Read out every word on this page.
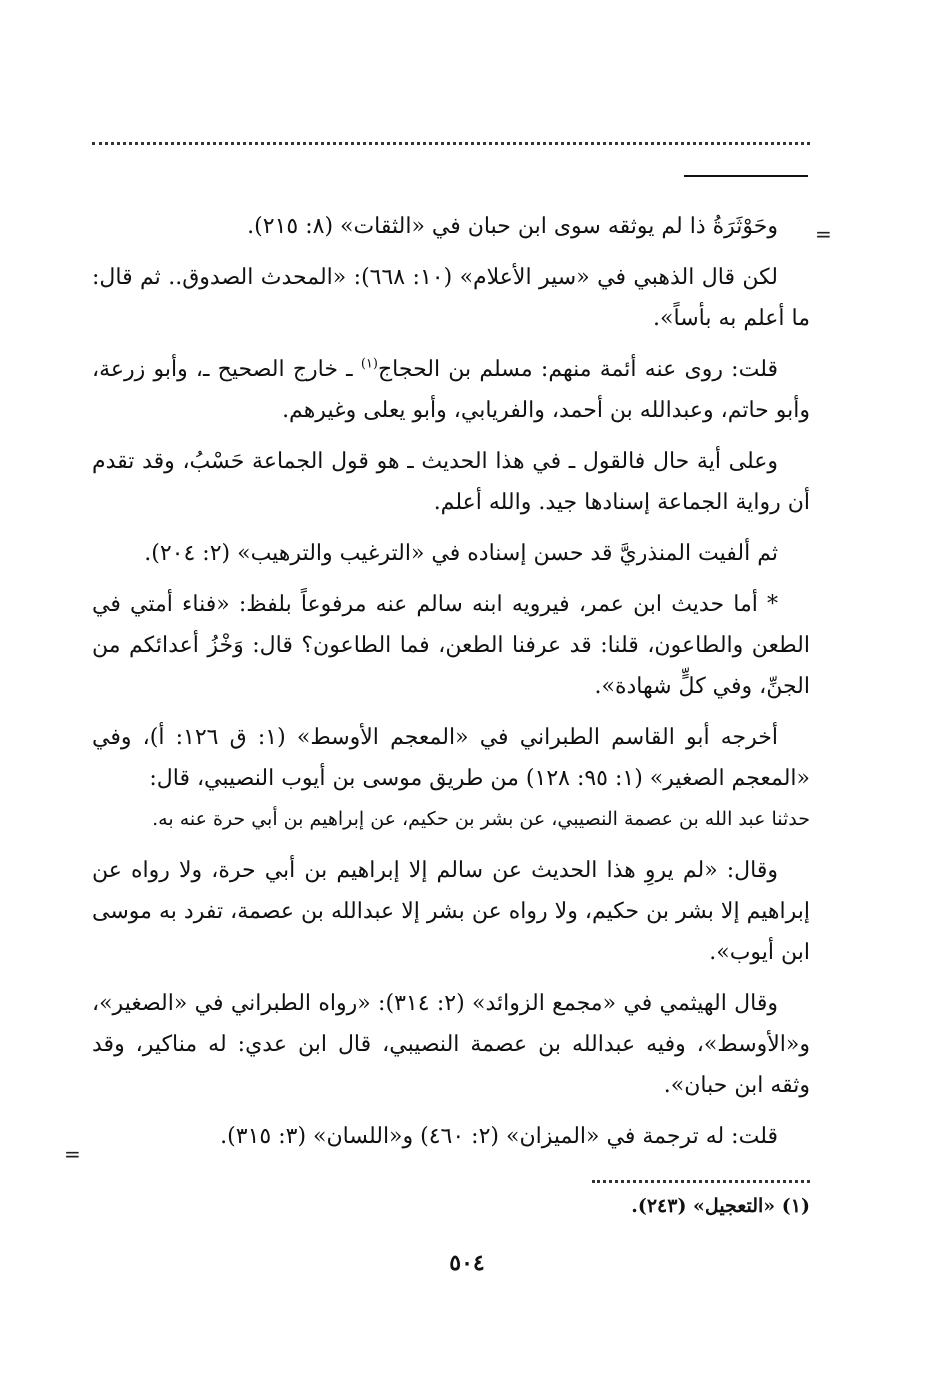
=

وحَوْثَرَةُ ذا لم يوثقه سوى ابن حبان في «الثقات» (٨: ٢١٥).

لكن قال الذهبي في «سير الأعلام» (١٠: ٦٦٨): «المحدث الصدوق.. ثم قال: ما أعلم به بأساً».

قلت: روى عنه أئمة منهم: مسلم بن الحجاج$^{(١)}$ ـ خارج الصحيح ـ، وأبو زرعة، وأبو حاتم، وعبدالله بن أحمد، والفريابي، وأبو يعلى وغيرهم.

وعلى أية حال فالقول ـ في هذا الحديث ـ هو قول الجماعة حَسْبُ، وقد تقدم أن رواية الجماعة إسنادها جيد. والله أعلم.

ثم ألفيت المنذريَّ قد حسن إسناده في «الترغيب والترهيب» (٢: ٢٠٤).

* أما حديث ابن عمر، فيرويه ابنه سالم عنه مرفوعاً بلفظ: «فناء أمتي في الطعن والطاعون، قلنا: قد عرفنا الطعن، فما الطاعون؟ قال: وَخْزُ أعدائكم من الجنِّ، وفي كلٍّ شهادة».

أخرجه أبو القاسم الطبراني في «المعجم الأوسط» (١: ق ١٢٦: أ)، وفي «المعجم الصغير» (١: ٩٥: ١٢٨) من طريق موسى بن أيوب النصيبي، قال:

حدثنا عبد الله بن عصمة النصيبي، عن بشر بن حكيم، عن إبراهيم بن أبي حرة عنه به.

وقال: «لم يروِ هذا الحديث عن سالم إلا إبراهيم بن أبي حرة، ولا رواه عن إبراهيم إلا بشر بن حكيم، ولا رواه عن بشر إلا عبدالله بن عصمة، تفرد به موسى ابن أيوب».

وقال الهيثمي في «مجمع الزوائد» (٢: ٣١٤): «رواه الطبراني في «الصغير»، و«الأوسط»، وفيه عبدالله بن عصمة النصيبي، قال ابن عدي: له مناكير، وقد وثقه ابن حبان».

قلت: له ترجمة في «الميزان» (٢: ٤٦٠) و«اللسان» (٣: ٣١٥).

=
(١) «التعجيل» (٢٤٣).
٥٠٤
